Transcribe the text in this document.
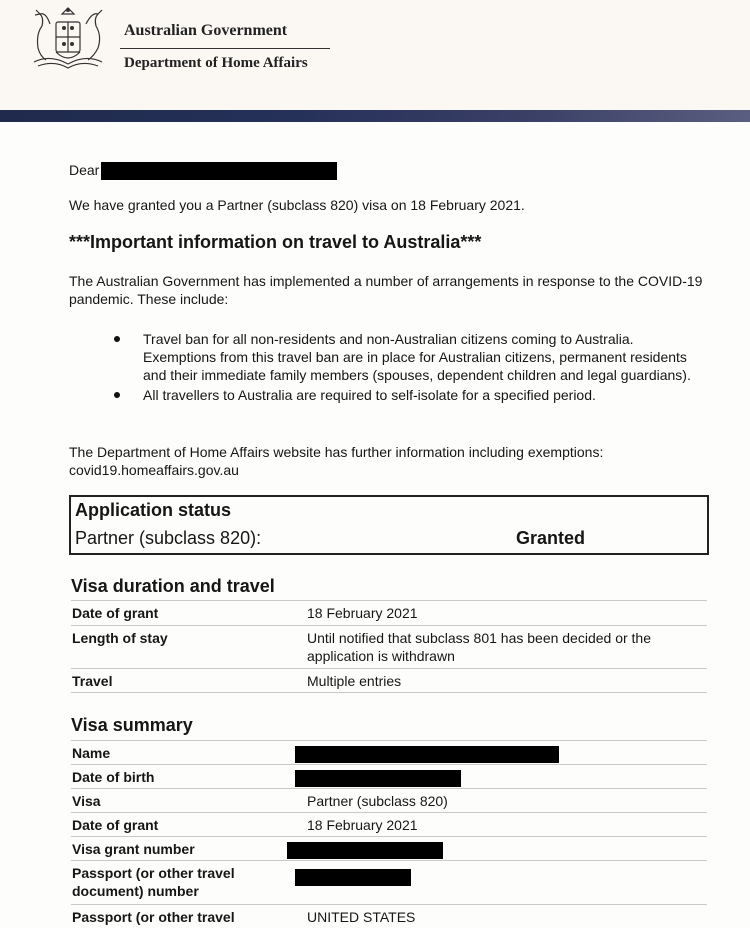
Australian Government
Department of Home Affairs
Dear
We have granted you a Partner (subclass 820) visa on 18 February 2021.
***Important information on travel to Australia***
The Australian Government has implemented a number of arrangements in response to the COVID-19 pandemic. These include:
Travel ban for all non-residents and non-Australian citizens coming to Australia. Exemptions from this travel ban are in place for Australian citizens, permanent residents and their immediate family members (spouses, dependent children and legal guardians).
All travellers to Australia are required to self-isolate for a specified period.
The Department of Home Affairs website has further information including exemptions:
covid19.homeaffairs.gov.au
Application status
Partner (subclass 820):	Granted
Visa duration and travel
Date of grant	18 February 2021
Length of stay	Until notified that subclass 801 has been decided or the application is withdrawn
Travel	Multiple entries
Visa summary
Name
Date of birth
Visa	Partner (subclass 820)
Date of grant	18 February 2021
Visa grant number
Passport (or other travel document) number
Passport (or other travel	UNITED STATES
